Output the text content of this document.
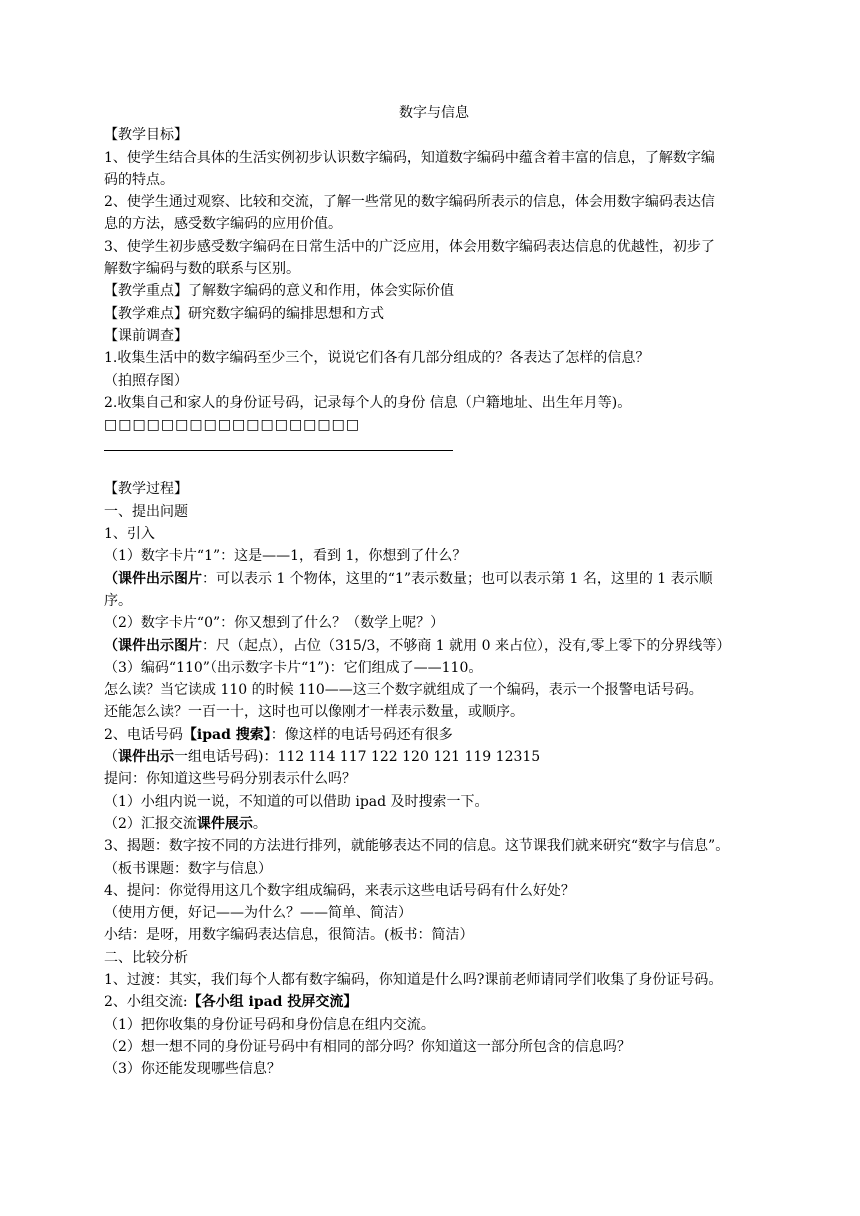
数字与信息
【教学目标】
1、使学生结合具体的生活实例初步认识数字编码，知道数字编码中蕴含着丰富的信息，了解数字编
码的特点。
2、使学生通过观察、比较和交流，了解一些常见的数字编码所表示的信息，体会用数字编码表达信
息的方法，感受数字编码的应用价值。
3、使学生初步感受数字编码在日常生活中的广泛应用，体会用数字编码表达信息的优越性，初步了
解数字编码与数的联系与区别。
【教学重点】了解数字编码的意义和作用，体会实际价值
【教学难点】研究数字编码的编排思想和方式
【课前调查】
1.收集生活中的数字编码至少三个，说说它们各有几部分组成的？各表达了怎样的信息？
（拍照存图）
2.收集自己和家人的身份证号码，记录每个人的身份 信息（户籍地址、出生年月等)。
□□□□□□□□□□□□□□□□□□
【教学过程】
一、提出问题
1、引入
（1）数字卡片“1”：这是——1，看到 1，你想到了什么？
（课件出示图片：可以表示 1 个物体，这里的“1”表示数量；也可以表示第 1 名，这里的 1 表示顺
序。
（2）数字卡片“0”：你又想到了什么？（数学上呢？）
（课件出示图片：尺（起点），占位（315/3，不够商 1 就用 0 来占位），没有,零上零下的分界线等）
（3）编码“110”（出示数字卡片“1”)：它们组成了——110。
怎么读？当它读成 110 的时候 110——这三个数字就组成了一个编码，表示一个报警电话号码。
还能怎么读？一百一十，这时也可以像刚才一样表示数量，或顺序。
2、电话号码【ipad 搜索】：像这样的电话号码还有很多
（课件出示一组电话号码)：112 114 117 122 120 121 119 12315
提问：你知道这些号码分别表示什么吗？
（1）小组内说一说，不知道的可以借助 ipad 及时搜索一下。
（2）汇报交流课件展示。
3、揭题：数字按不同的方法进行排列，就能够表达不同的信息。这节课我们就来研究“数字与信息”。
（板书课题：数字与信息）
4、提问：你觉得用这几个数字组成编码，来表示这些电话号码有什么好处？
（使用方便，好记——为什么？——简单、简洁）
小结：是呀，用数字编码表达信息，很简洁。(板书：简洁）
二、比较分析
1、过渡：其实，我们每个人都有数字编码，你知道是什么吗?课前老师请同学们收集了身份证号码。
2、小组交流:【各小组 ipad 投屏交流】
（1）把你收集的身份证号码和身份信息在组内交流。
（2）想一想不同的身份证号码中有相同的部分吗？你知道这一部分所包含的信息吗？
（3）你还能发现哪些信息？
